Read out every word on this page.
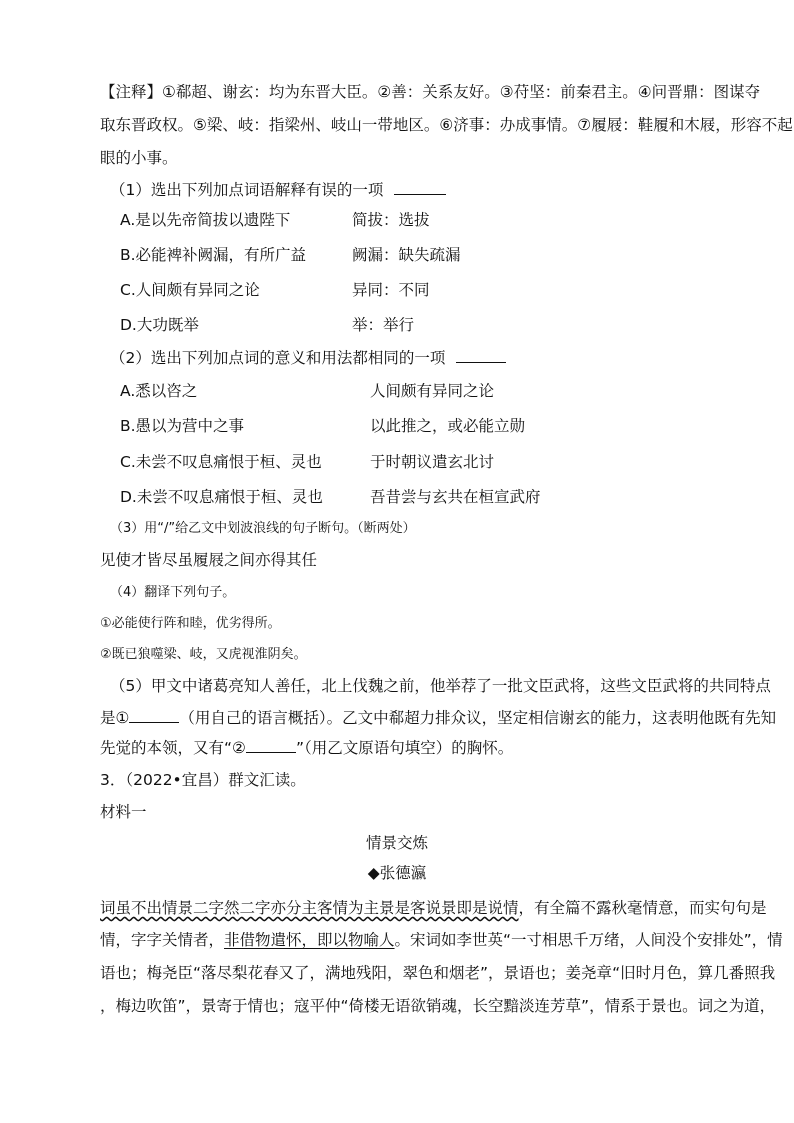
【注释】①郗超、谢玄：均为东晋大臣。②善：关系友好。③苻坚：前秦君主。④问晋鼎：图谋夺
取东晋政权。⑤梁、岐：指梁州、岐山一带地区。⑥济事：办成事情。⑦履屐：鞋履和木屐，形容不起
眼的小事。
（1）选出下列加点词语解释有误的一项
A.是以先帝简拔以遗陛下	简拔：选拔
B.必能裨补阙漏，有所广益	阙漏：缺失疏漏
C.人间颇有异同之论	异同：不同
D.大功既举	举：举行
（2）选出下列加点词的意义和用法都相同的一项
A.悉以咨之	人间颇有异同之论
B.愚以为营中之事	以此推之，或必能立勋
C.未尝不叹息痛恨于桓、灵也	于时朝议遣玄北讨
D.未尝不叹息痛恨于桓、灵也	吾昔尝与玄共在桓宣武府
（3）用“/”给乙文中划波浪线的句子断句。（断两处）
见使才皆尽虽履屐之间亦得其任
（4）翻译下列句子。
①必能使行阵和睦，优劣得所。
②既已狼噬梁、岐，又虎视淮阴矣。
（5）甲文中诸葛亮知人善任，北上伐魏之前，他举荐了一批文臣武将，这些文臣武将的共同特点
是①	（用自己的语言概括）。乙文中郗超力排众议，坚定相信谢玄的能力，这表明他既有先知
先觉的本领，又有“②	”（用乙文原语句填空）的胸怀。
3．（2022•宜昌）群文汇读。
材料一
情景交炼
◆张德瀛
词虽不出情景二字然二字亦分主客情为主景是客说景即是说情，有全篇不露秋毫情意，而实句句是
情，字字关情者，非借物遣怀，即以物喻人。宋词如李世英“一寸相思千万绪，人间没个安排处”，情
语也；梅尧臣“落尽梨花春又了，满地残阳，翠色和烟老”，景语也；姜尧章“旧时月色，算几番照我
，梅边吹笛”，景寄于情也；寇平仲“倚楼无语欲销魂，长空黯淡连芳草”，情系于景也。词之为道，
